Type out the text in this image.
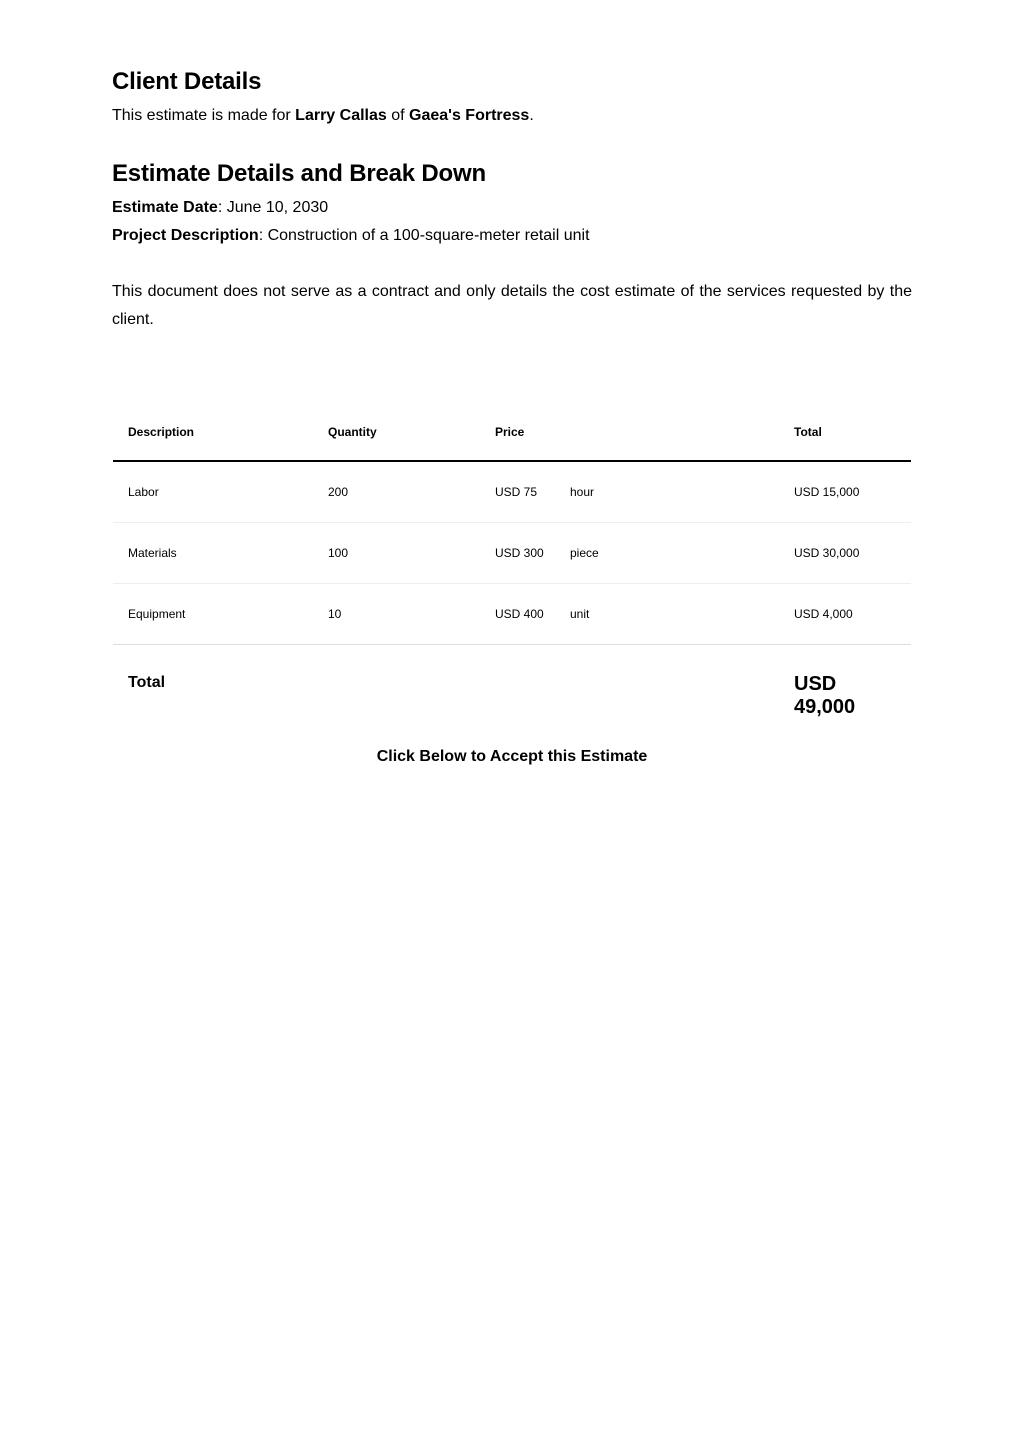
Client Details

This estimate is made for Larry Callas of Gaea's Fortress.

Estimate Details and Break Down

Estimate Date: June 10, 2030

Project Description: Construction of a 100-square-meter retail unit

This document does not serve as a contract and only details the cost estimate of the services requested by the client.

Description	Quantity	Price	Total
Labor	200	USD 75	hour	USD 15,000
Materials	100	USD 300 piece	USD 30,000
Equipment	10	USD 400 unit	USD 4,000
Total	USD 49,000
Click Below to Accept this Estimate
